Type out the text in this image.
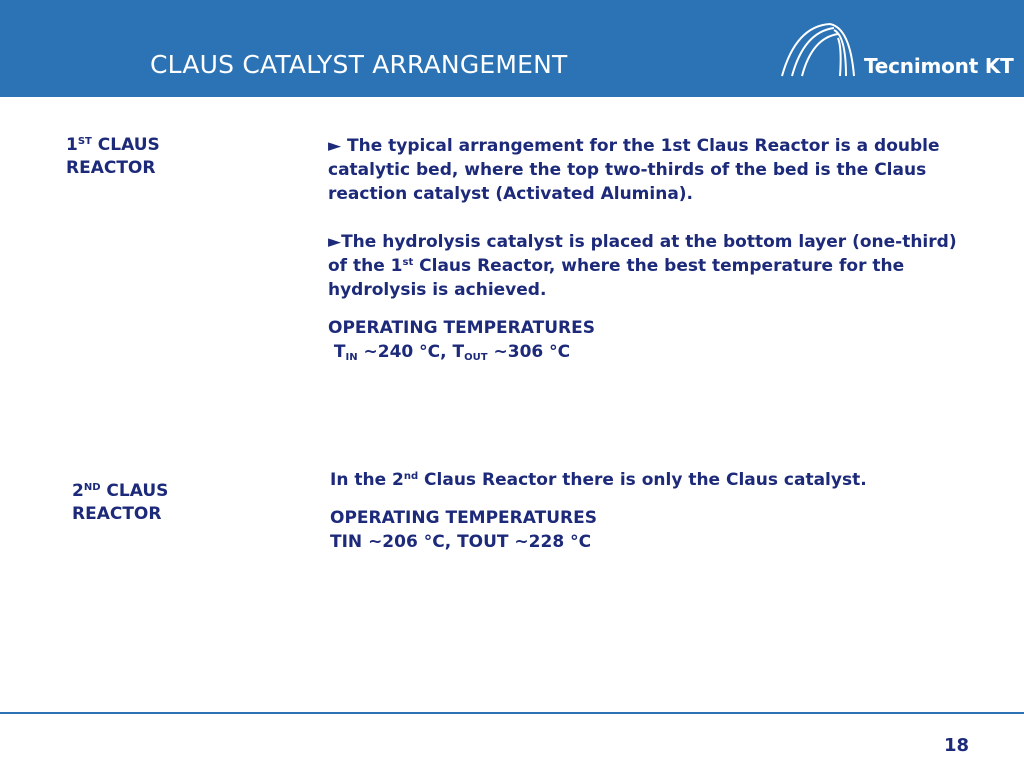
CLAUS CATALYST ARRANGEMENT	Tecnimont KT
1ST CLAUS
REACTOR

► The typical arrangement for the 1st Claus Reactor is a double catalytic bed, where the top two-thirds of the bed is the Claus reaction catalyst (Activated Alumina).

►The hydrolysis catalyst is placed at the bottom layer (one-third) of the 1st Claus Reactor, where the best temperature for the hydrolysis is achieved.

OPERATING TEMPERATURES

$T_{IN}$ ~240 °C, $T_{OUT}$ ~306 °C

2ND CLAUS
REACTOR

In the 2nd Claus Reactor there is only the Claus catalyst.

OPERATING TEMPERATURES

TIN ~206 °C, TOUT ~228 °C

18
